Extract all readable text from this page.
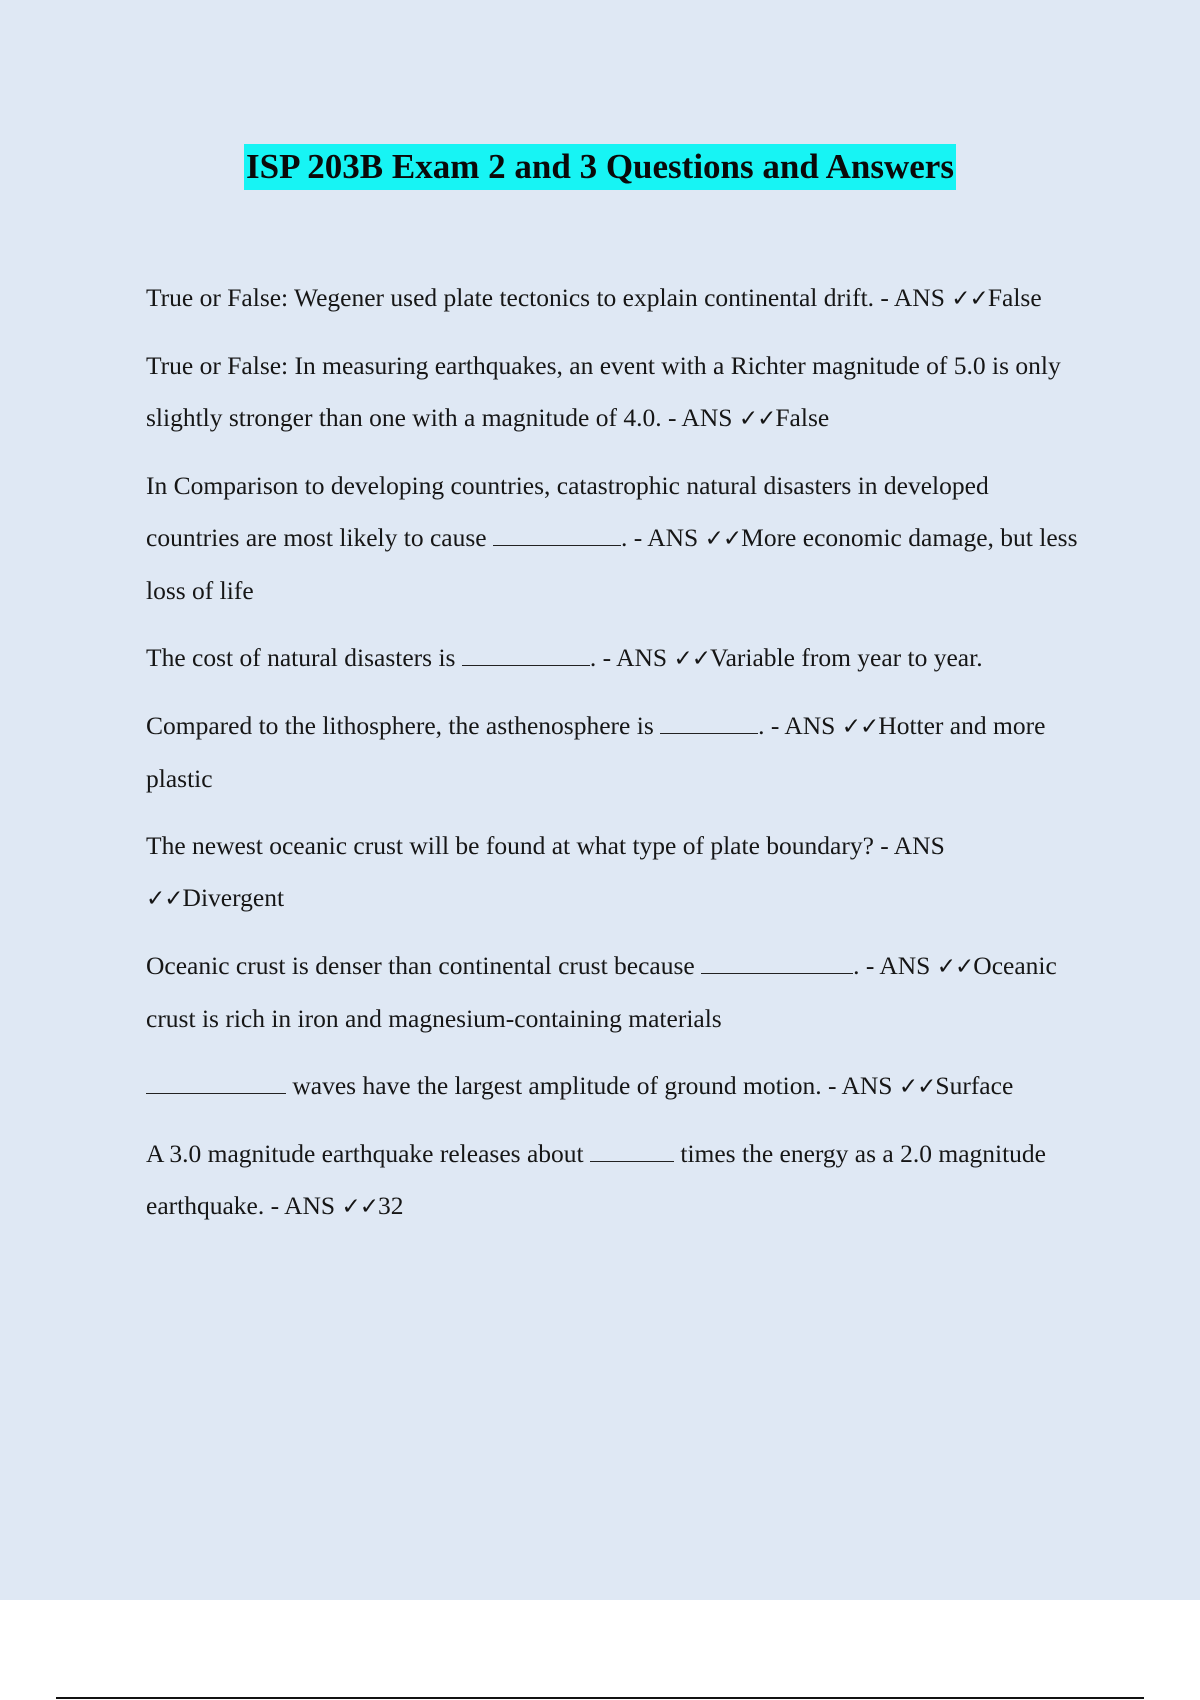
ISP 203B Exam 2 and 3 Questions and Answers

True or False: Wegener used plate tectonics to explain continental drift. - ANS ✓✓False

True or False: In measuring earthquakes, an event with a Richter magnitude of 5.0 is only slightly stronger than one with a magnitude of 4.0. - ANS ✓✓False

In Comparison to developing countries, catastrophic natural disasters in developed countries are most likely to cause	. - ANS ✓✓More economic damage, but less loss of life

The cost of natural disasters is	. - ANS ✓✓Variable from year to year.

Compared to the lithosphere, the asthenosphere is	. - ANS ✓✓Hotter and more plastic

The newest oceanic crust will be found at what type of plate boundary? - ANS ✓✓Divergent

Oceanic crust is denser than continental crust because	. - ANS ✓✓Oceanic crust is rich in iron and magnesium-containing materials

waves have the largest amplitude of ground motion. - ANS ✓✓Surface

A 3.0 magnitude earthquake releases about	times the energy as a 2.0 magnitude earthquake. - ANS ✓✓32
